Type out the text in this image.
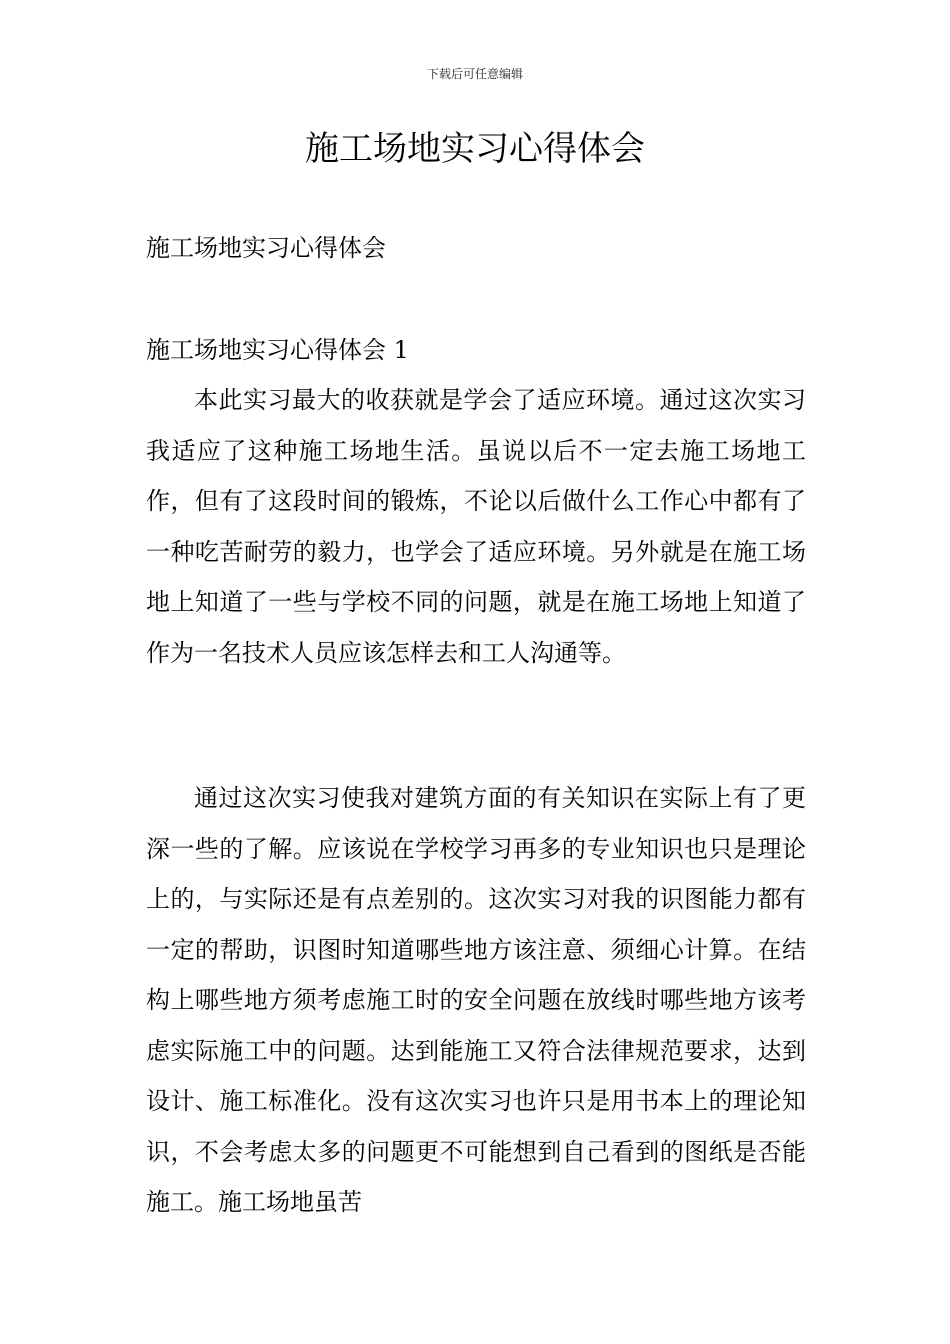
下载后可任意编辑
施工场地实习心得体会

施工场地实习心得体会

施工场地实习心得体会 1

本此实习最大的收获就是学会了适应环境。通过这次实习我适应了这种施工场地生活。虽说以后不一定去施工场地工作，但有了这段时间的锻炼，不论以后做什么工作心中都有了一种吃苦耐劳的毅力，也学会了适应环境。另外就是在施工场地上知道了一些与学校不同的问题，就是在施工场地上知道了作为一名技术人员应该怎样去和工人沟通等。

通过这次实习使我对建筑方面的有关知识在实际上有了更深一些的了解。应该说在学校学习再多的专业知识也只是理论上的，与实际还是有点差别的。这次实习对我的识图能力都有一定的帮助，识图时知道哪些地方该注意、须细心计算。在结构上哪些地方须考虑施工时的安全问题在放线时哪些地方该考虑实际施工中的问题。达到能施工又符合法律规范要求，达到设计、施工标准化。没有这次实习也许只是用书本上的理论知识，不会考虑太多的问题更不可能想到自己看到的图纸是否能施工。施工场地虽苦
